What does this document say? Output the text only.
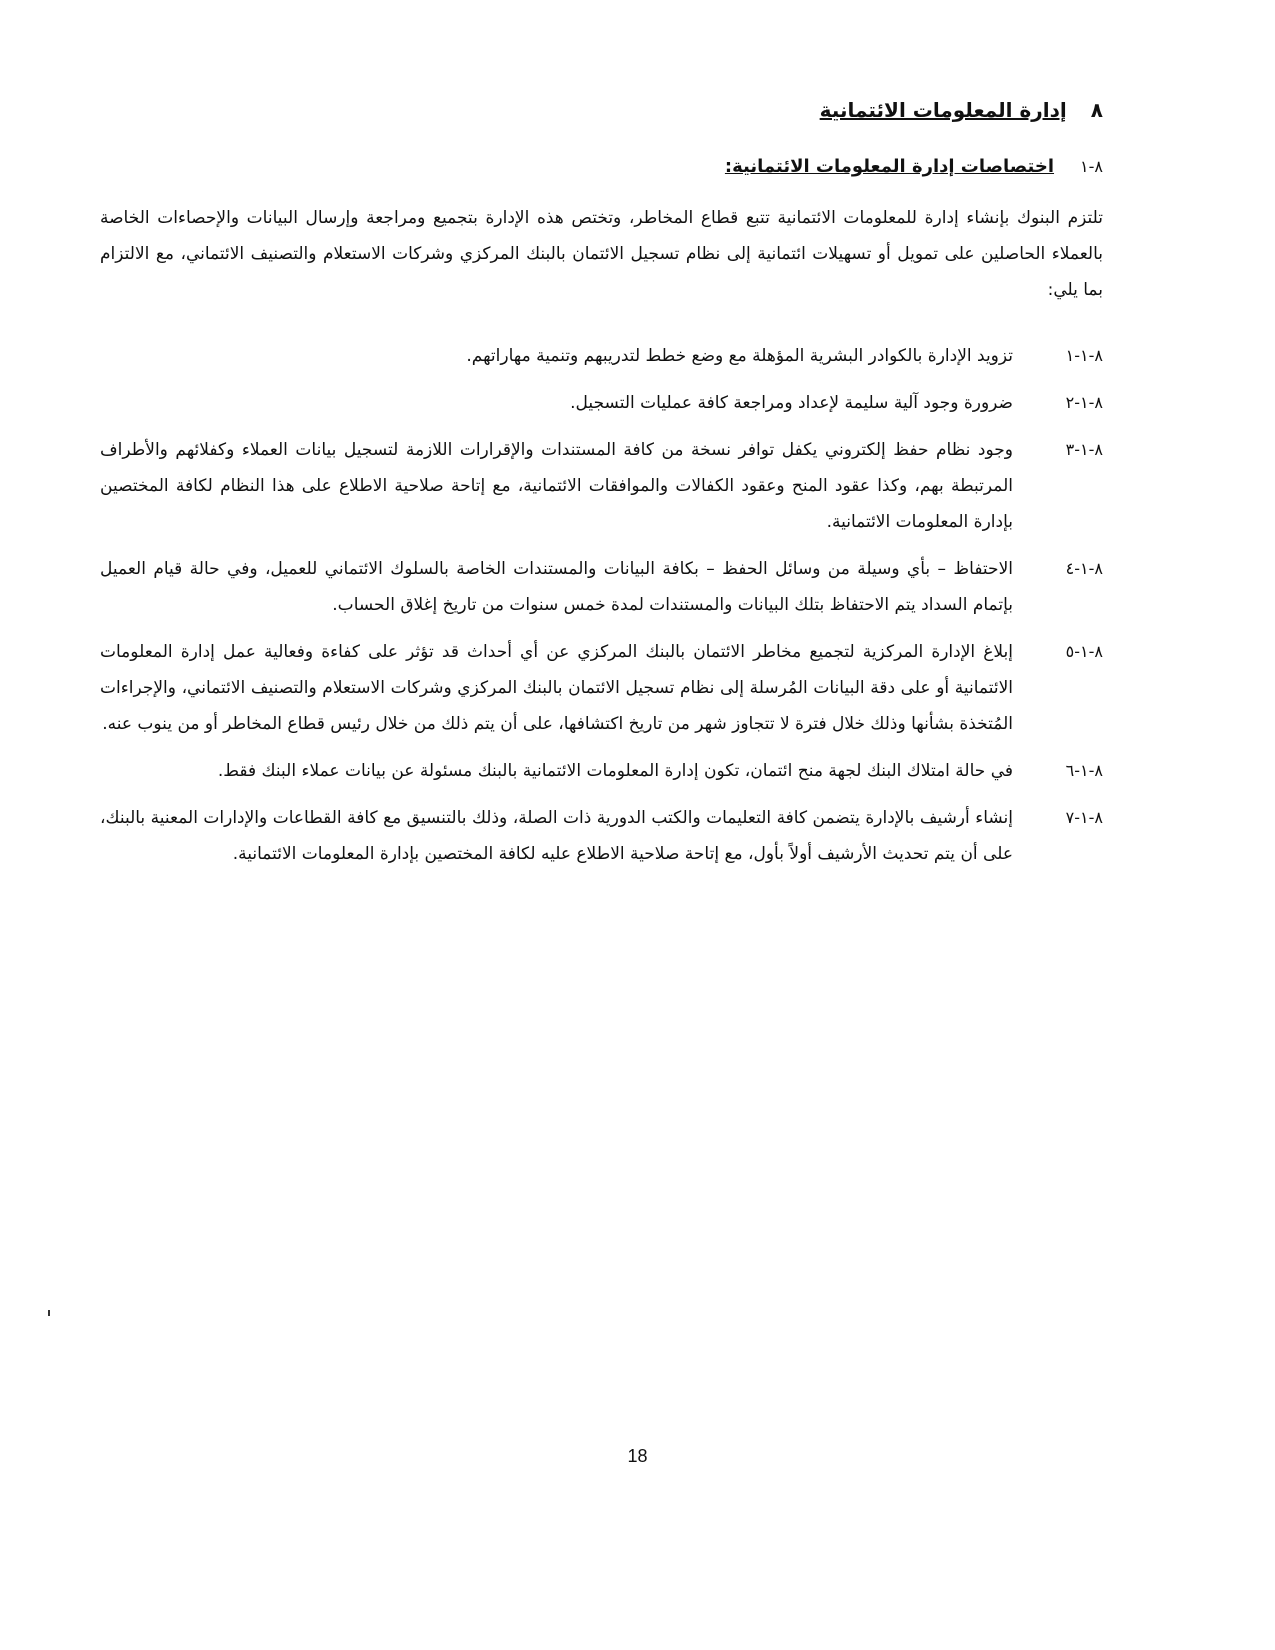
٨
إدارة المعلومات الائتمانية
٨-١
اختصاصات إدارة المعلومات الائتمانية:

تلتزم البنوك بإنشاء إدارة للمعلومات الائتمانية تتبع قطاع المخاطر، وتختص هذه الإدارة بتجميع ومراجعة وإرسال البيانات والإحصاءات الخاصة بالعملاء الحاصلين على تمويل أو تسهيلات ائتمانية إلى نظام تسجيل الائتمان بالبنك المركزي وشركات الاستعلام والتصنيف الائتماني، مع الالتزام بما يلي:

٨-١-١
تزويد الإدارة بالكوادر البشرية المؤهلة مع وضع خطط لتدريبهم وتنمية مهاراتهم.
٨-١-٢
ضرورة وجود آلية سليمة لإعداد ومراجعة كافة عمليات التسجيل.
٨-١-٣
وجود نظام حفظ إلكتروني يكفل توافر نسخة من كافة المستندات والإقرارات اللازمة لتسجيل بيانات العملاء وكفلائهم والأطراف المرتبطة بهم، وكذا عقود المنح وعقود الكفالات والموافقات الائتمانية، مع إتاحة صلاحية الاطلاع على هذا النظام لكافة المختصين بإدارة المعلومات الائتمانية.
٨-١-٤
الاحتفاظ – بأي وسيلة من وسائل الحفظ – بكافة البيانات والمستندات الخاصة بالسلوك الائتماني للعميل، وفي حالة قيام العميل بإتمام السداد يتم الاحتفاظ بتلك البيانات والمستندات لمدة خمس سنوات من تاريخ إغلاق الحساب.
٨-١-٥
إبلاغ الإدارة المركزية لتجميع مخاطر الائتمان بالبنك المركزي عن أي أحداث قد تؤثر على كفاءة وفعالية عمل إدارة المعلومات الائتمانية أو على دقة البيانات المُرسلة إلى نظام تسجيل الائتمان بالبنك المركزي وشركات الاستعلام والتصنيف الائتماني، والإجراءات المُتخذة بشأنها وذلك خلال فترة لا تتجاوز شهر من تاريخ اكتشافها، على أن يتم ذلك من خلال رئيس قطاع المخاطر أو من ينوب عنه.
٨-١-٦
في حالة امتلاك البنك لجهة منح ائتمان، تكون إدارة المعلومات الائتمانية بالبنك مسئولة عن بيانات عملاء البنك فقط.
٨-١-٧
إنشاء أرشيف بالإدارة يتضمن كافة التعليمات والكتب الدورية ذات الصلة، وذلك بالتنسيق مع كافة القطاعات والإدارات المعنية بالبنك، على أن يتم تحديث الأرشيف أولاً بأول، مع إتاحة صلاحية الاطلاع عليه لكافة المختصين بإدارة المعلومات الائتمانية.
18
